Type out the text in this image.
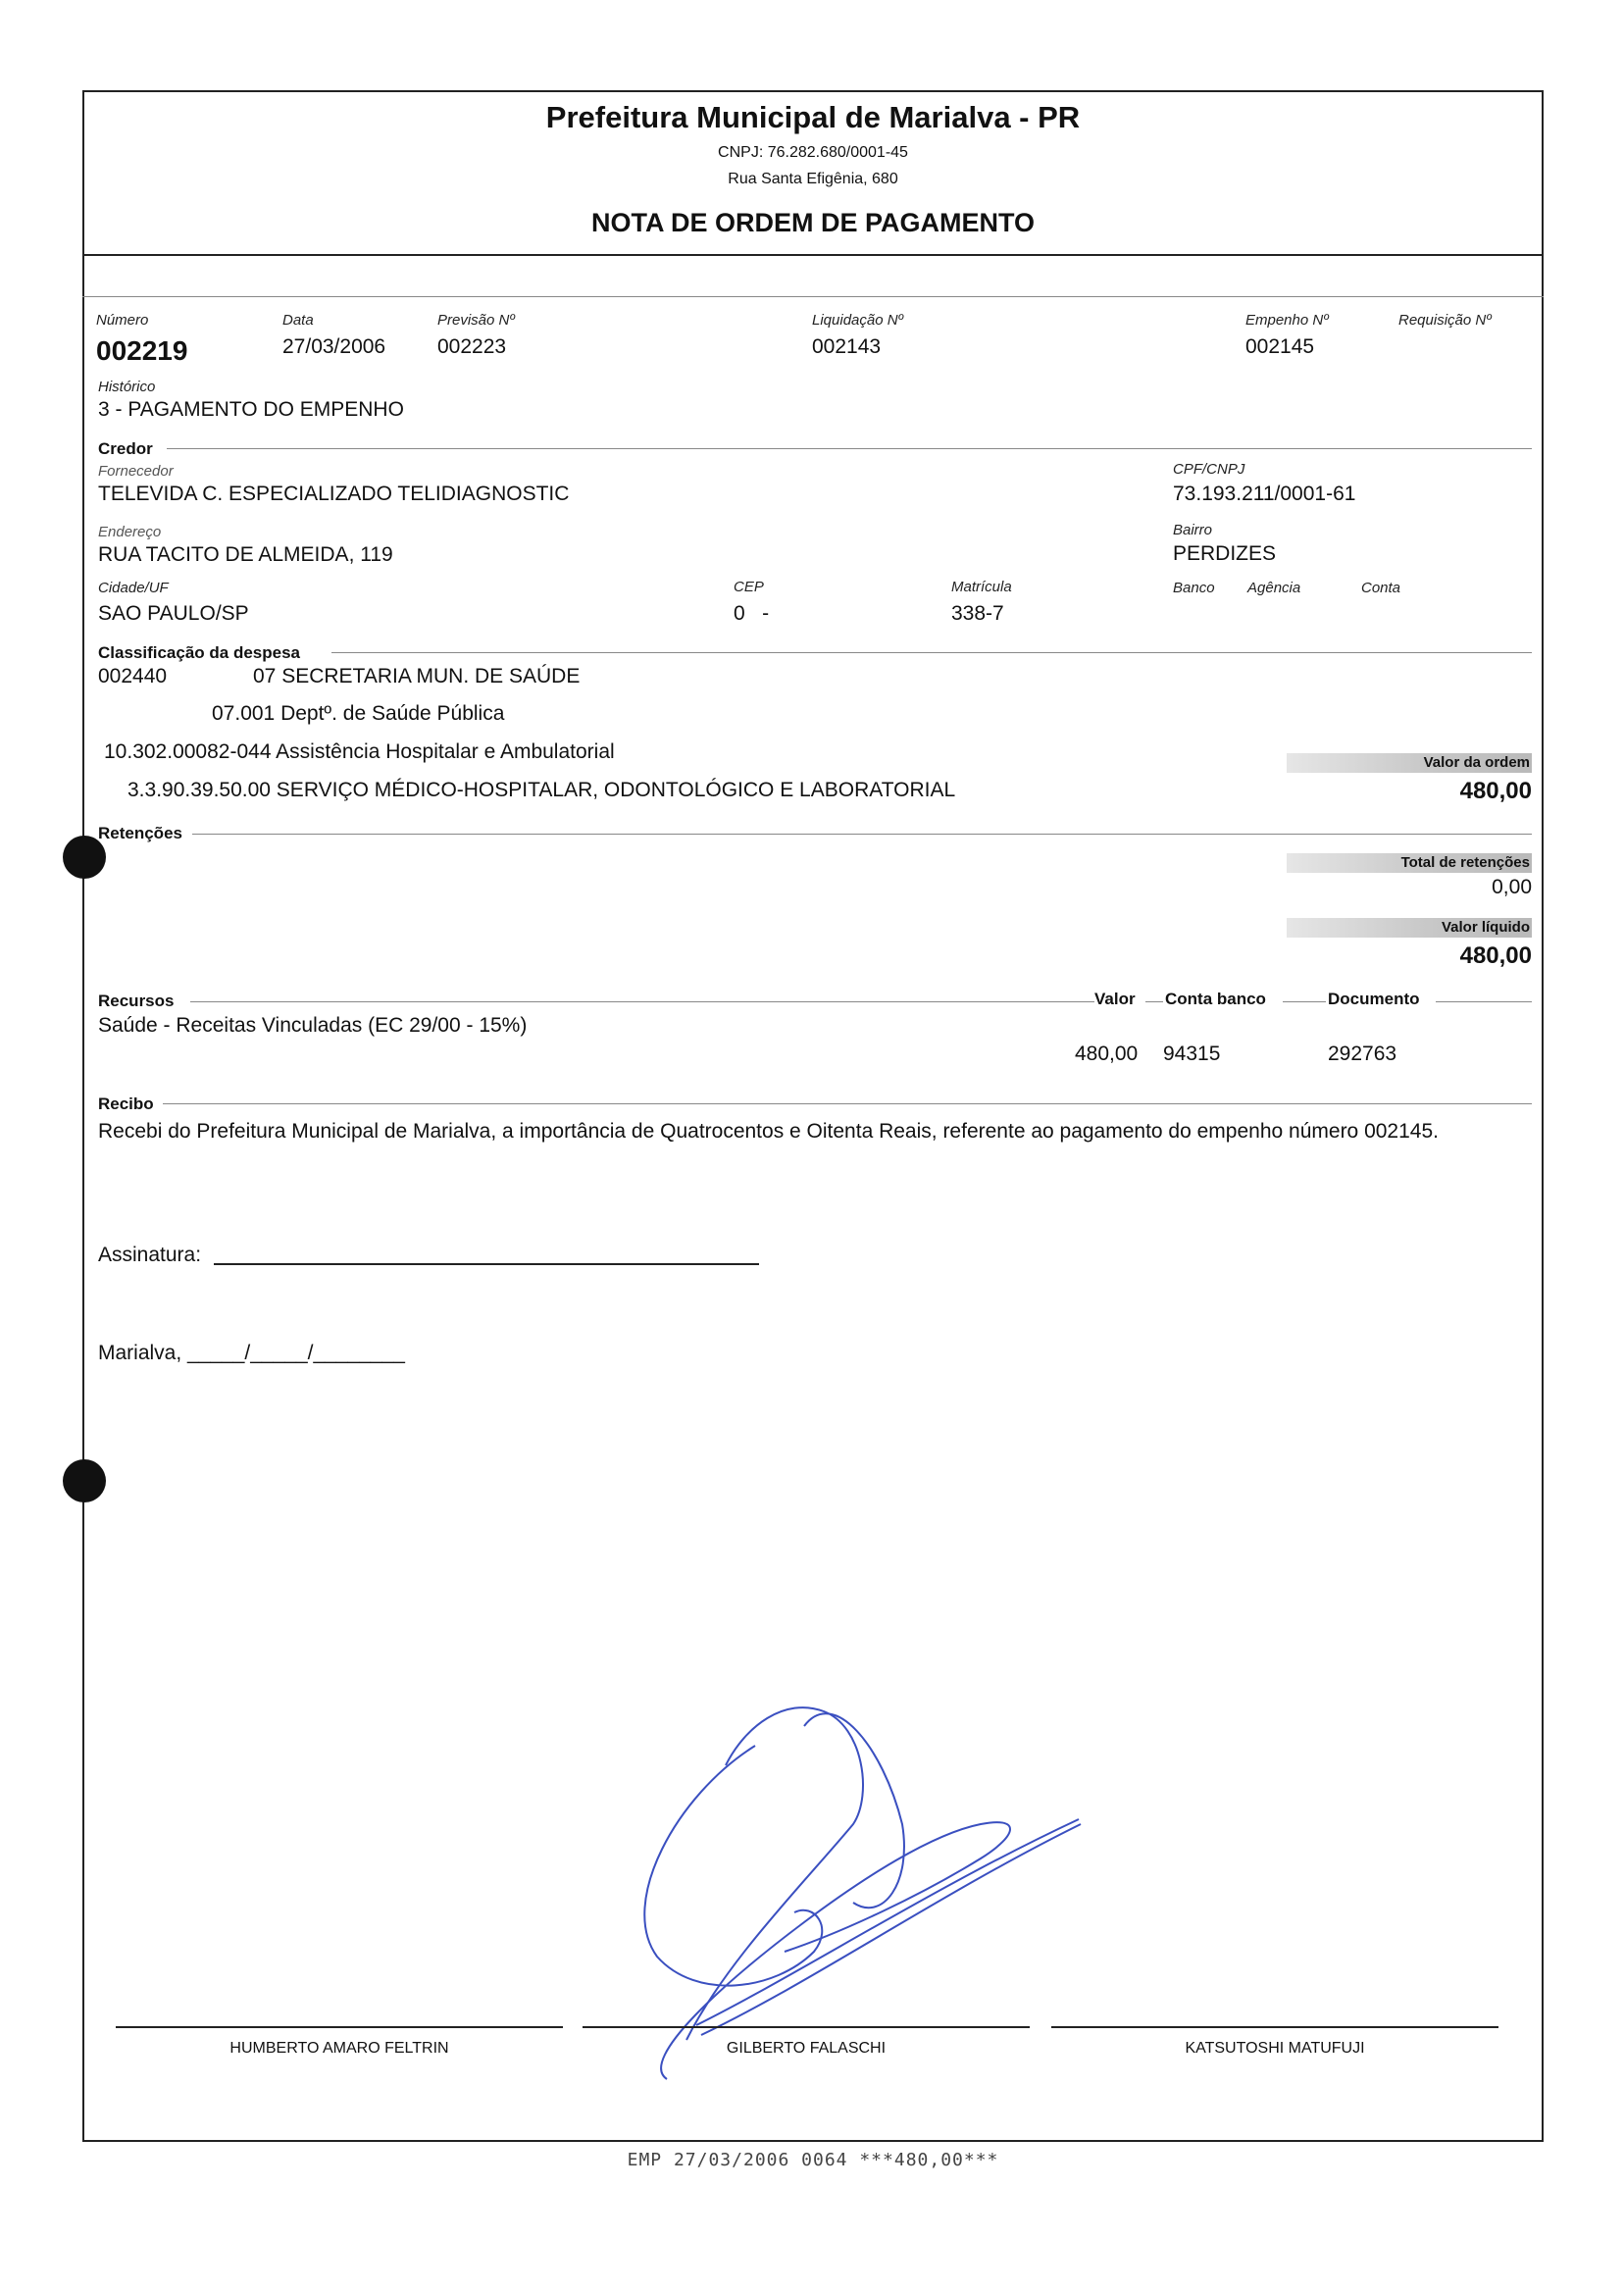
Prefeitura Municipal de Marialva - PR
CNPJ: 76.282.680/0001-45
Rua Santa Efigênia, 680
NOTA DE ORDEM DE PAGAMENTO
Número
002219
Data
27/03/2006
Previsão Nº
002223
Liquidação Nº
002143
Empenho Nº
002145
Requisição Nº
Histórico
3 - PAGAMENTO DO EMPENHO
Credor
Fornecedor
TELEVIDA C. ESPECIALIZADO TELIDIAGNOSTIC
CPF/CNPJ
73.193.211/0001-61
Endereço
RUA TACITO DE ALMEIDA, 119
Bairro
PERDIZES
Cidade/UF
SAO PAULO/SP
CEP
0   -
Matrícula
338-7
Banco Agência	Conta
Classificação da despesa
002440	07 SECRETARIA MUN. DE SAÚDE
07.001 Deptº. de Saúde Pública
10.302.00082-044 Assistência Hospitalar e Ambulatorial
3.3.90.39.50.00 SERVIÇO MÉDICO-HOSPITALAR, ODONTOLÓGICO E LABORATORIAL
Valor da ordem
480,00
Retenções
Total de retenções
0,00
Valor líquido
480,00
Recursos	Valor Conta banco	Documento
Saúde - Receitas Vinculadas (EC 29/00 - 15%)
480,00 94315	292763
Recibo
Recebi do Prefeitura Municipal de Marialva, a importância de Quatrocentos e Oitenta Reais, referente ao pagamento do empenho número 002145.
Assinatura:
Marialva, _____/_____/________
HUMBERTO AMARO FELTRIN	GILBERTO FALASCHI	KATSUTOSHI MATUFUJI
EMP 27/03/2006 0064 ***480,00***
